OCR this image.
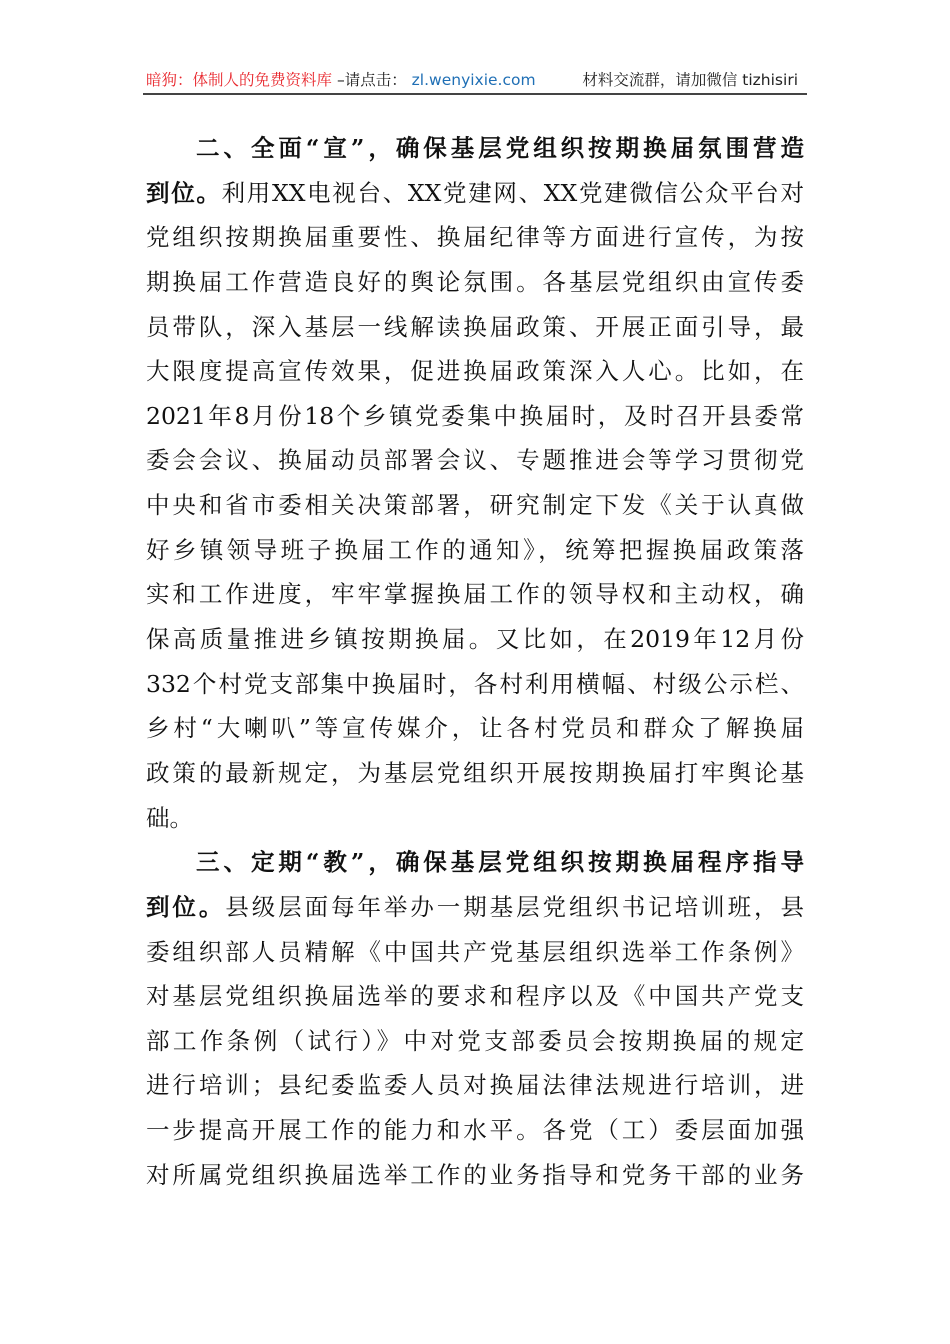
暗狗：体制人的免费资料库 –请点击： zl.wenyixie.com	材料交流群，请加微信 tizhisiri
二、全面“宣”，确保基层党组织按期换届氛围营造
到位。利用XX电视台、XX党建网、XX党建微信公众平台对
党组织按期换届重要性、换届纪律等方面进行宣传，为按
期换届工作营造良好的舆论氛围。各基层党组织由宣传委
员带队，深入基层一线解读换届政策、开展正面引导，最
大限度提高宣传效果，促进换届政策深入人心。比如，在
2021年8月份18个乡镇党委集中换届时，及时召开县委常
委会会议、换届动员部署会议、专题推进会等学习贯彻党
中央和省市委相关决策部署，研究制定下发《关于认真做
好乡镇领导班子换届工作的通知》，统筹把握换届政策落
实和工作进度，牢牢掌握换届工作的领导权和主动权，确
保高质量推进乡镇按期换届。又比如，在2019年12月份
332个村党支部集中换届时，各村利用横幅、村级公示栏、
乡村“大喇叭”等宣传媒介，让各村党员和群众了解换届
政策的最新规定，为基层党组织开展按期换届打牢舆论基
础。
三、定期“教”，确保基层党组织按期换届程序指导
到位。县级层面每年举办一期基层党组织书记培训班，县
委组织部人员精解《中国共产党基层组织选举工作条例》
对基层党组织换届选举的要求和程序以及《中国共产党支
部工作条例（试行）》中对党支部委员会按期换届的规定
进行培训；县纪委监委人员对换届法律法规进行培训，进
一步提高开展工作的能力和水平。各党（工）委层面加强
对所属党组织换届选举工作的业务指导和党务干部的业务
